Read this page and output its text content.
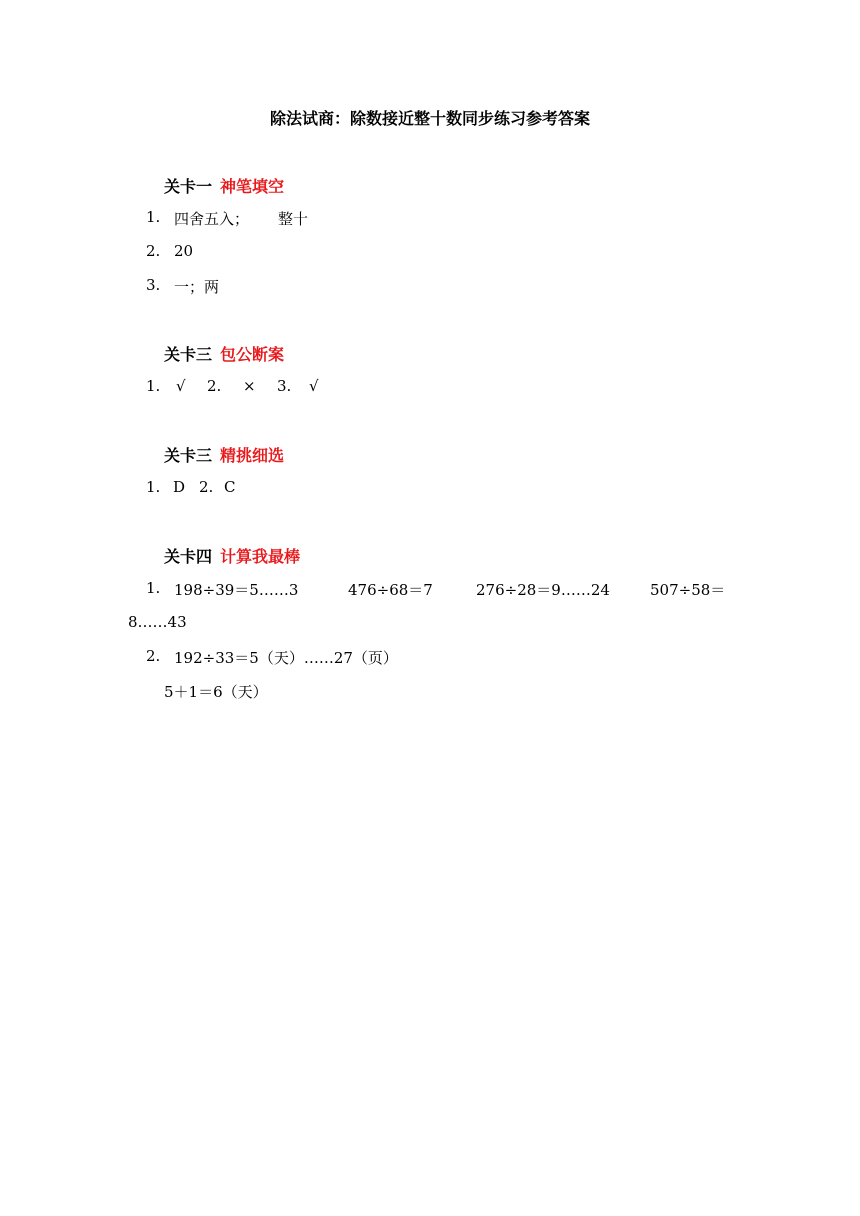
除法试商：除数接近整十数同步练习参考答案
关卡一 神笔填空
1. 四舍五入； 整十
2. 20
3. 一；两
关卡三 包公断案
1. √ 2. × 3. √
关卡三 精挑细选
1. D 2. C
关卡四 计算我最棒
1. 198÷39＝5……3	476÷68＝7	276÷28＝9……24	507÷58＝
8……43
2. 192÷33＝5（天）……27（页）
5＋1＝6（天）
